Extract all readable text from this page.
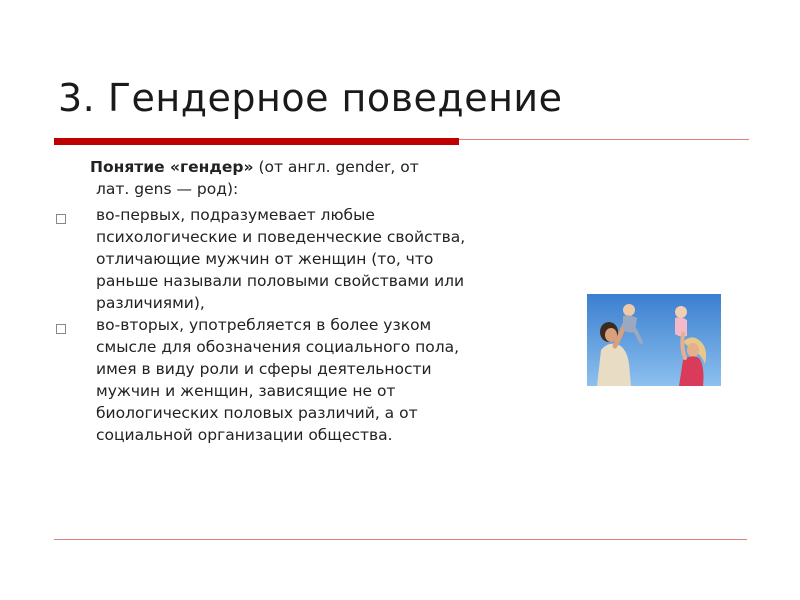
3. Гендерное поведение
Понятие «гендер» (от англ. gender, от
лат. gens — род):
во-первых, подразумевает любые психологические и поведенческие свойства, отличающие мужчин от женщин (то, что раньше называли половыми свойствами или различиями),
во-вторых, употребляется в более узком смысле для обозначения социального пола, имея в виду роли и сферы деятельности мужчин и женщин, зависящие не от биологических половых различий, а от социальной организации общества.
